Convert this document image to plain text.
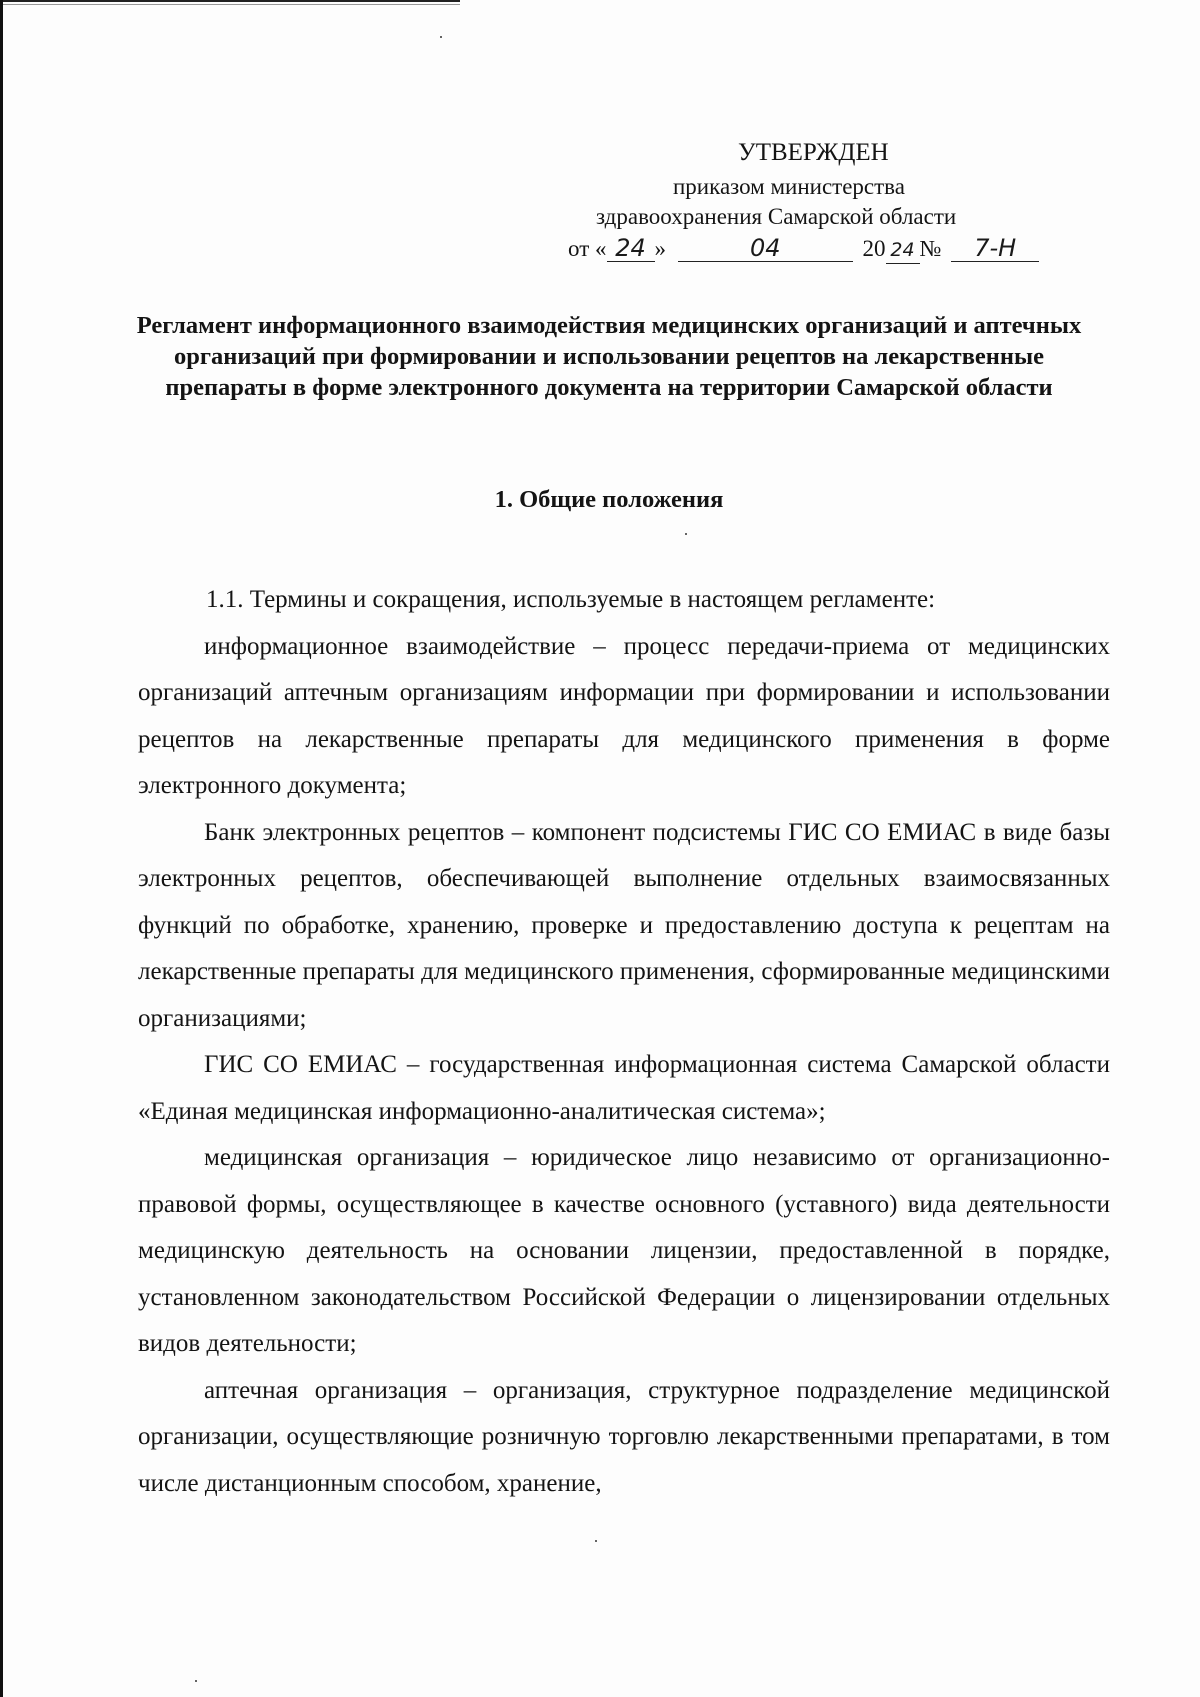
УТВЕРЖДЕН
приказом министерства
здравоохранения Самарской области
от « 24 »	04	20 24 № 7-Н
Регламент информационного взаимодействия медицинских организаций и аптечных организаций при формировании и использовании рецептов на лекарственные препараты в форме электронного документа на территории Самарской области
1. Общие положения

1.1. Термины и сокращения, используемые в настоящем регламенте:

информационное взаимодействие – процесс передачи-приема от медицинских организаций аптечным организациям информации при формировании и использовании рецептов на лекарственные препараты для медицинского применения в форме электронного документа;

Банк электронных рецептов – компонент подсистемы ГИС СО ЕМИАС в виде базы электронных рецептов, обеспечивающей выполнение отдельных взаимосвязанных функций по обработке, хранению, проверке и предоставлению доступа к рецептам на лекарственные препараты для медицинского применения, сформированные медицинскими организациями;

ГИС СО ЕМИАС – государственная информационная система Самарской области «Единая медицинская информационно-аналитическая система»;

медицинская организация – юридическое лицо независимо от организационно-правовой формы, осуществляющее в качестве основного (уставного) вида деятельности медицинскую деятельность на основании лицензии, предоставленной в порядке, установленном законодательством Российской Федерации о лицензировании отдельных видов деятельности;

аптечная организация – организация, структурное подразделение медицинской организации, осуществляющие розничную торговлю лекарственными препаратами, в том числе дистанционным способом, хранение,
